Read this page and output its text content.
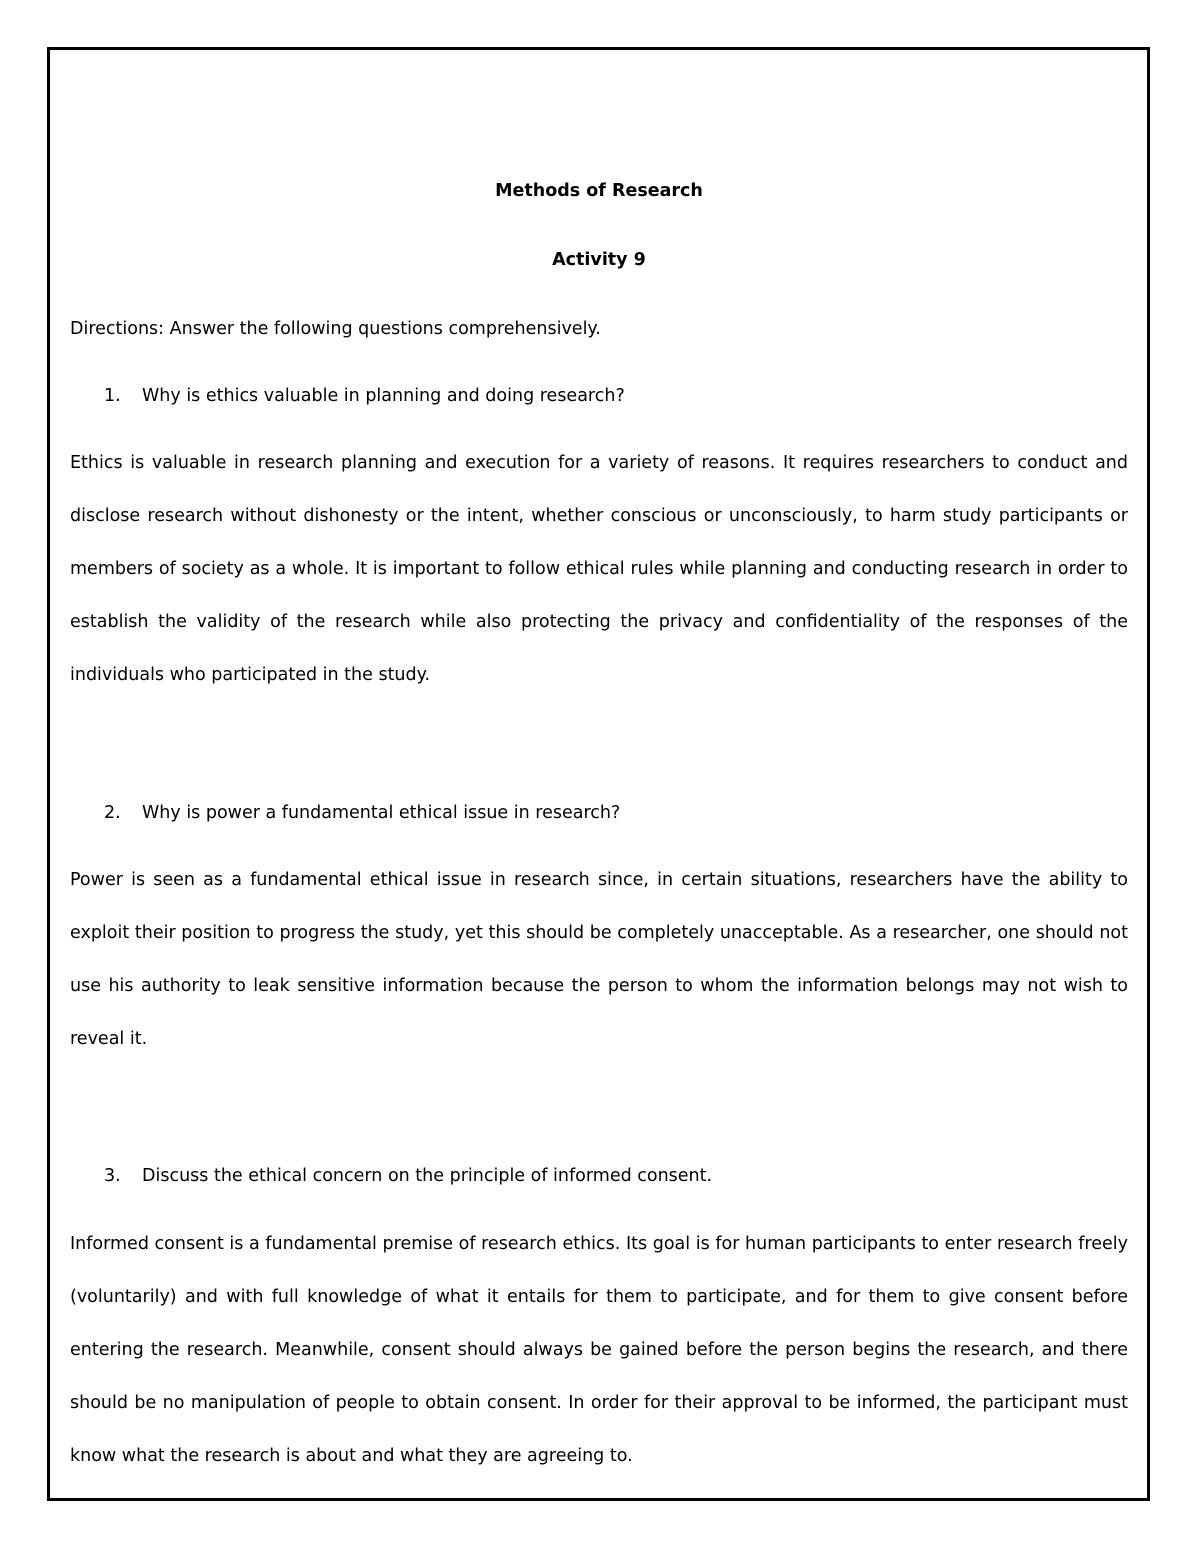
Methods of Research
Activity 9
Directions: Answer the following questions comprehensively.
1. Why is ethics valuable in planning and doing research?

Ethics is valuable in research planning and execution for a variety of reasons. It requires researchers to conduct and disclose research without dishonesty or the intent, whether conscious or unconsciously, to harm study participants or members of society as a whole. It is important to follow ethical rules while planning and conducting research in order to establish the validity of the research while also protecting the privacy and confidentiality of the responses of the individuals who participated in the study.

2. Why is power a fundamental ethical issue in research?

Power is seen as a fundamental ethical issue in research since, in certain situations, researchers have the ability to exploit their position to progress the study, yet this should be completely unacceptable. As a researcher, one should not use his authority to leak sensitive information because the person to whom the information belongs may not wish to reveal it.

3. Discuss the ethical concern on the principle of informed consent.

Informed consent is a fundamental premise of research ethics. Its goal is for human participants to enter research freely (voluntarily) and with full knowledge of what it entails for them to participate, and for them to give consent before entering the research. Meanwhile, consent should always be gained before the person begins the research, and there should be no manipulation of people to obtain consent. In order for their approval to be informed, the participant must know what the research is about and what they are agreeing to.
